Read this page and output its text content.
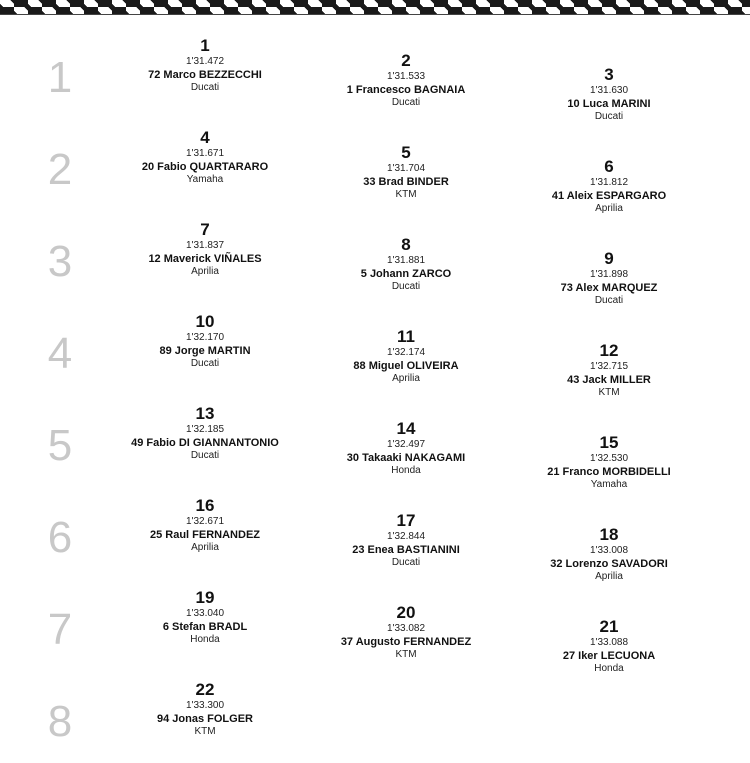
1
2
3
4
5
6
7
8
1
1'31.472
72 Marco BEZZECCHI
Ducati
2
1'31.533
1 Francesco BAGNAIA
Ducati
3
1'31.630
10 Luca MARINI
Ducati
4
1'31.671
20 Fabio QUARTARARO
Yamaha
5
1'31.704
33 Brad BINDER
KTM
6
1'31.812
41 Aleix ESPARGARO
Aprilia
7
1'31.837
12 Maverick VIÑALES
Aprilia
8
1'31.881
5 Johann ZARCO
Ducati
9
1'31.898
73 Alex MARQUEZ
Ducati
10
1'32.170
89 Jorge MARTIN
Ducati
11
1'32.174
88 Miguel OLIVEIRA
Aprilia
12
1'32.715
43 Jack MILLER
KTM
13
1'32.185
49 Fabio DI GIANNANTONIO
Ducati
14
1'32.497
30 Takaaki NAKAGAMI
Honda
15
1'32.530
21 Franco MORBIDELLI
Yamaha
16
1'32.671
25 Raul FERNANDEZ
Aprilia
17
1'32.844
23 Enea BASTIANINI
Ducati
18
1'33.008
32 Lorenzo SAVADORI
Aprilia
19
1'33.040
6 Stefan BRADL
Honda
20
1'33.082
37 Augusto FERNANDEZ
KTM
21
1'33.088
27 Iker LECUONA
Honda
22
1'33.300
94 Jonas FOLGER
KTM
